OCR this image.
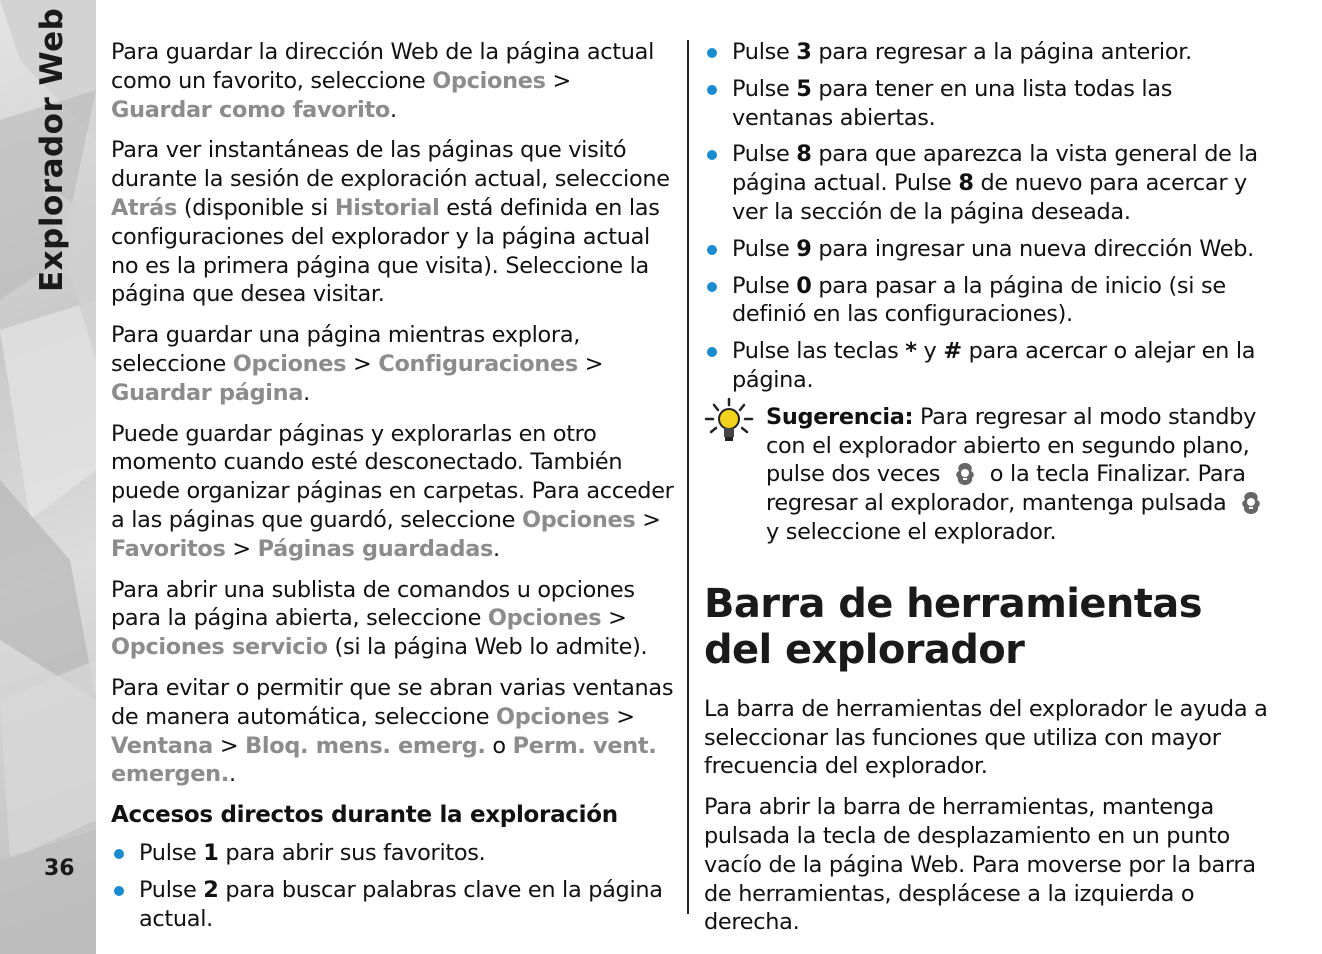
Explorador Web
36

Para guardar la dirección Web de la página actual como un favorito, seleccione Opciones > Guardar como favorito.

Para ver instantáneas de las páginas que visitó durante la sesión de exploración actual, seleccione Atrás (disponible si Historial está definida en las configuraciones del explorador y la página actual no es la primera página que visita). Seleccione la página que desea visitar.

Para guardar una página mientras explora, seleccione Opciones > Configuraciones > Guardar página.

Puede guardar páginas y explorarlas en otro momento cuando esté desconectado. También puede organizar páginas en carpetas. Para acceder a las páginas que guardó, seleccione Opciones > Favoritos > Páginas guardadas.

Para abrir una sublista de comandos u opciones para la página abierta, seleccione Opciones > Opciones servicio (si la página Web lo admite).

Para evitar o permitir que se abran varias ventanas de manera automática, seleccione Opciones > Ventana > Bloq. mens. emerg. o Perm. vent. emergen..

Accesos directos durante la exploración
Pulse 1 para abrir sus favoritos.
Pulse 2 para buscar palabras clave en la página actual.
Pulse 3 para regresar a la página anterior.
Pulse 5 para tener en una lista todas las ventanas abiertas.
Pulse 8 para que aparezca la vista general de la página actual. Pulse 8 de nuevo para acercar y ver la sección de la página deseada.
Pulse 9 para ingresar una nueva dirección Web.
Pulse 0 para pasar a la página de inicio (si se definió en las configuraciones).
Pulse las teclas * y # para acercar o alejar en la página.
Sugerencia: Para regresar al modo standby con el explorador abierto en segundo plano, pulse dos veces  o la tecla Finalizar. Para regresar al explorador, mantenga pulsada  y seleccione el explorador.
Barra de herramientas del explorador

La barra de herramientas del explorador le ayuda a seleccionar las funciones que utiliza con mayor frecuencia del explorador.

Para abrir la barra de herramientas, mantenga pulsada la tecla de desplazamiento en un punto vacío de la página Web. Para moverse por la barra de herramientas, desplácese a la izquierda o derecha.
